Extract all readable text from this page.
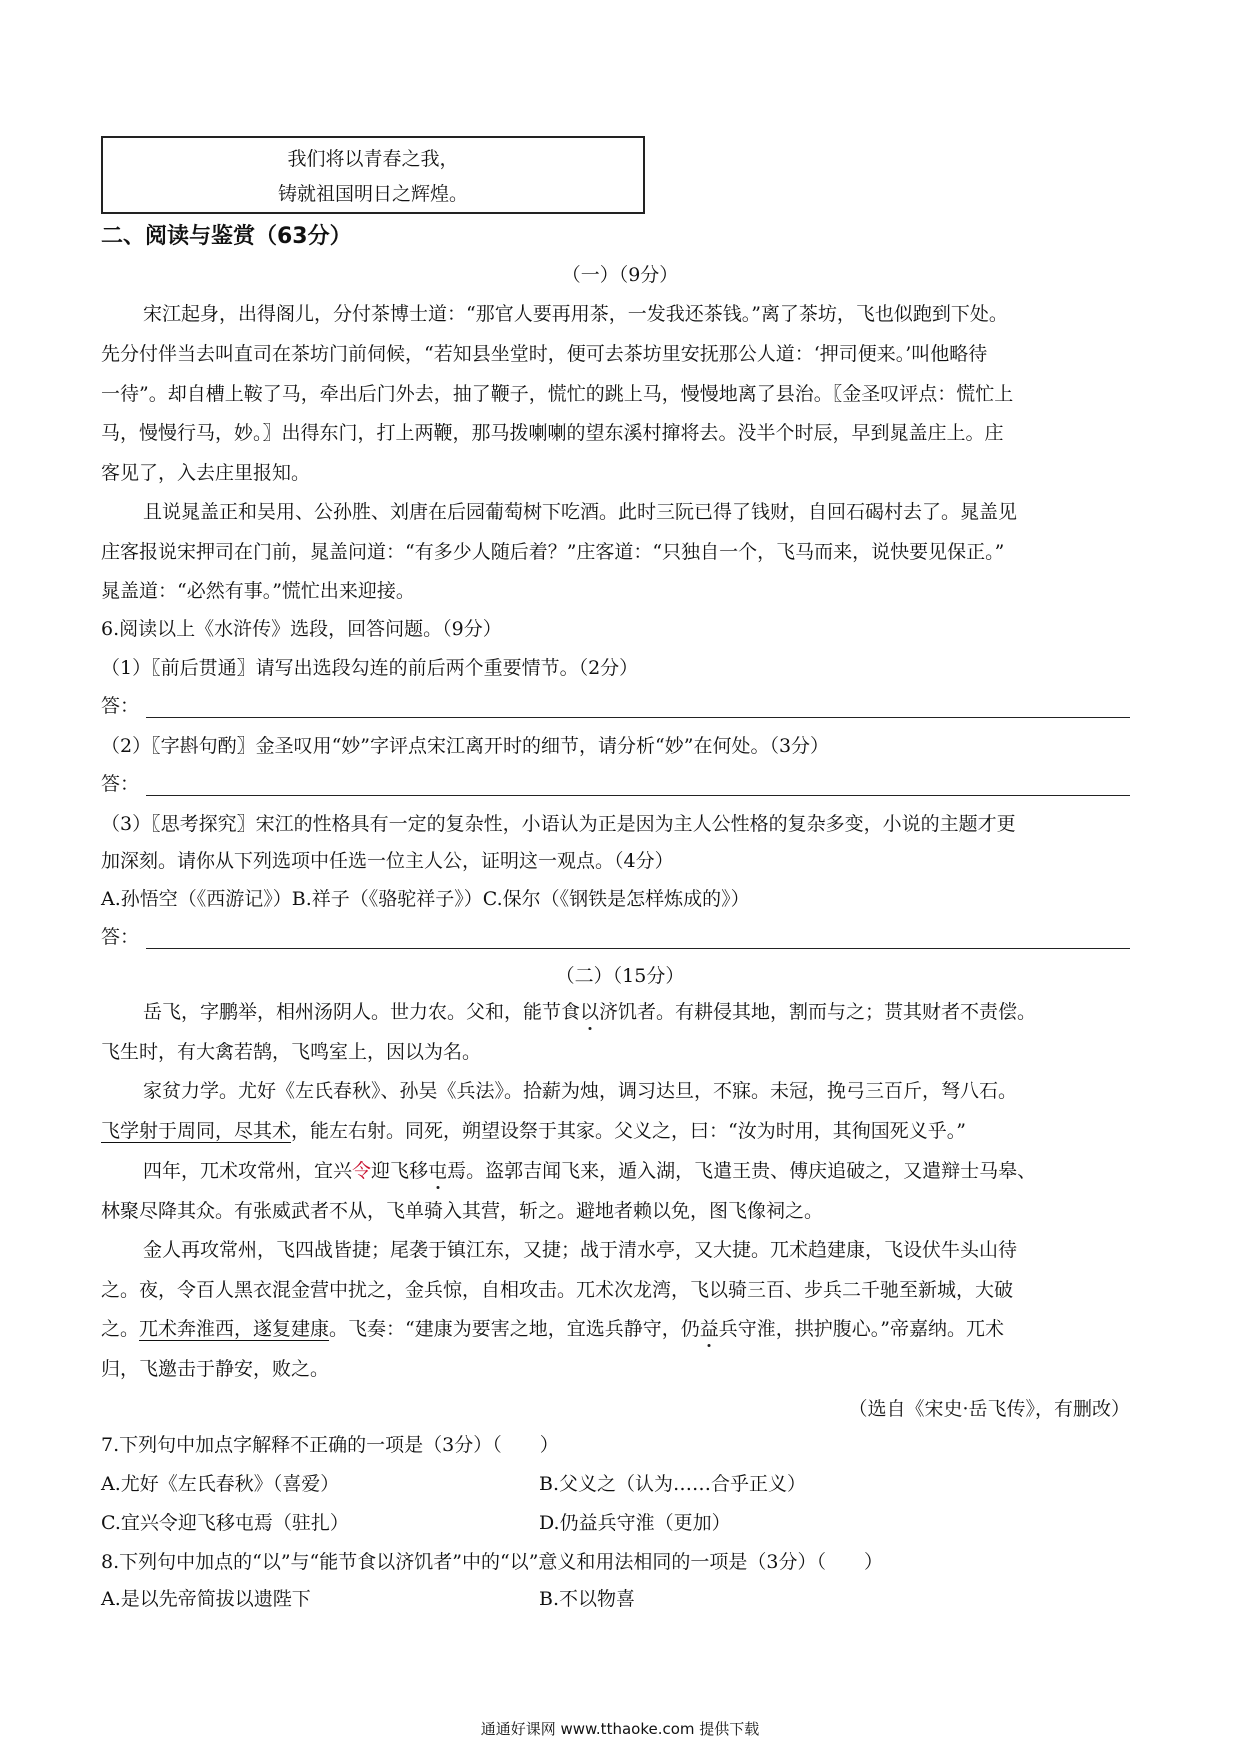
我们将以青春之我，
铸就祖国明日之辉煌。
二、阅读与鉴赏（63分）
（一）（9分）
宋江起身，出得阁儿，分付茶博士道：“那官人要再用茶，一发我还茶钱。”离了茶坊，飞也似跑到下处。
先分付伴当去叫直司在茶坊门前伺候，“若知县坐堂时，便可去茶坊里安抚那公人道：‘押司便来。’叫他略待
一待”。却自槽上鞍了马，牵出后门外去，抽了鞭子，慌忙的跳上马，慢慢地离了县治。〖金圣叹评点：慌忙上
马，慢慢行马，妙。〗出得东门，打上两鞭，那马拨喇喇的望东溪村撺将去。没半个时辰，早到晁盖庄上。庄
客见了，入去庄里报知。
且说晁盖正和吴用、公孙胜、刘唐在后园葡萄树下吃酒。此时三阮已得了钱财，自回石碣村去了。晁盖见
庄客报说宋押司在门前，晁盖问道：“有多少人随后着？”庄客道：“只独自一个，飞马而来，说快要见保正。”
晁盖道：“必然有事。”慌忙出来迎接。
6.阅读以上《水浒传》选段，回答问题。（9分）
（1）〖前后贯通〗请写出选段勾连的前后两个重要情节。（2分）
答：
（2）〖字斟句酌〗金圣叹用“妙”字评点宋江离开时的细节，请分析“妙”在何处。（3分）
答：
（3）〖思考探究〗宋江的性格具有一定的复杂性，小语认为正是因为主人公性格的复杂多变，小说的主题才更
加深刻。请你从下列选项中任选一位主人公，证明这一观点。（4分）
A.孙悟空（《西游记》）B.祥子（《骆驼祥子》）C.保尔（《钢铁是怎样炼成的》）
答：
（二）（15分）
岳飞，字鹏举，相州汤阴人。世力农。父和，能节食以济饥者。有耕侵其地，割而与之；贳其财者不责偿。
飞生时，有大禽若鹄，飞鸣室上，因以为名。
家贫力学。尤好《左氏春秋》、孙吴《兵法》。拾薪为烛，调习达旦，不寐。未冠，挽弓三百斤，弩八石。
飞学射于周同，尽其术，能左右射。同死，朔望设祭于其家。父义之，曰：“汝为时用，其徇国死义乎。”
四年，兀术攻常州，宜兴令迎飞移屯焉。盗郭吉闻飞来，遁入湖，飞遣王贵、傅庆追破之，又遣辩士马皋、
林聚尽降其众。有张威武者不从，飞单骑入其营，斩之。避地者赖以免，图飞像祠之。
金人再攻常州，飞四战皆捷；尾袭于镇江东，又捷；战于清水亭，又大捷。兀术趋建康，飞设伏牛头山待
之。夜，令百人黑衣混金营中扰之，金兵惊，自相攻击。兀术次龙湾，飞以骑三百、步兵二千驰至新城，大破
之。兀术奔淮西，遂复建康。飞奏：“建康为要害之地，宜选兵静守，仍益兵守淮，拱护腹心。”帝嘉纳。兀术
归，飞邀击于静安，败之。
（选自《宋史·岳飞传》，有删改）
7.下列句中加点字解释不正确的一项是（3分）（　　）
A.尤好《左氏春秋》（喜爱）	B.父义之（认为……合乎正义）
C.宜兴令迎飞移屯焉（驻扎）	D.仍益兵守淮（更加）
8.下列句中加点的“以”与“能节食以济饥者”中的“以”意义和用法相同的一项是（3分）（　　）
A.是以先帝简拔以遗陛下	B.不以物喜
通通好课网 www.tthaoke.com 提供下载
